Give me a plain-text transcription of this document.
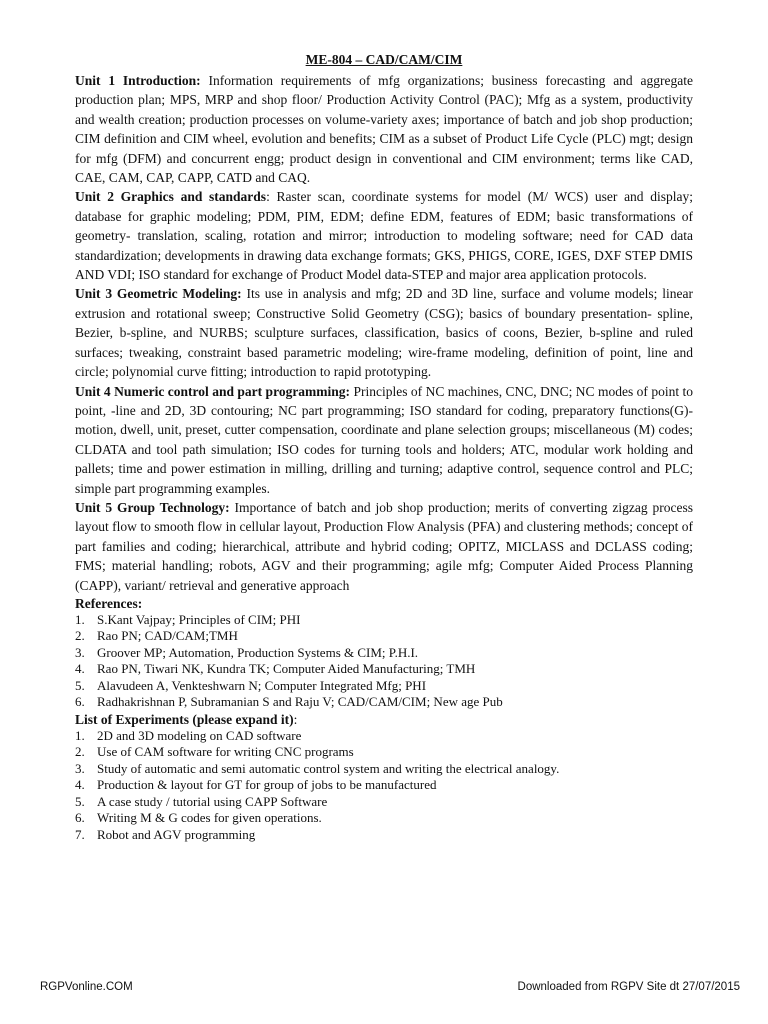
ME-804 – CAD/CAM/CIM

Unit 1 Introduction: Information requirements of mfg organizations; business forecasting and aggregate production plan; MPS, MRP and shop floor/ Production Activity Control (PAC); Mfg as a system, productivity and wealth creation; production processes on volume-variety axes; importance of batch and job shop production; CIM definition and CIM wheel, evolution and benefits; CIM as a subset of Product Life Cycle (PLC) mgt; design for mfg (DFM) and concurrent engg; product design in conventional and CIM environment; terms like CAD, CAE, CAM, CAP, CAPP, CATD and CAQ.

Unit 2 Graphics and standards: Raster scan, coordinate systems for model (M/ WCS) user and display; database for graphic modeling; PDM, PIM, EDM; define EDM, features of EDM; basic transformations of geometry- translation, scaling, rotation and mirror; introduction to modeling software; need for CAD data standardization; developments in drawing data exchange formats; GKS, PHIGS, CORE, IGES, DXF STEP DMIS AND VDI; ISO standard for exchange of Product Model data-STEP and major area application protocols.

Unit 3 Geometric Modeling: Its use in analysis and mfg; 2D and 3D line, surface and volume models; linear extrusion and rotational sweep; Constructive Solid Geometry (CSG); basics of boundary presentation- spline, Bezier, b-spline, and NURBS; sculpture surfaces, classification, basics of coons, Bezier, b-spline and ruled surfaces; tweaking, constraint based parametric modeling; wire-frame modeling, definition of point, line and circle; polynomial curve fitting; introduction to rapid prototyping.

Unit 4 Numeric control and part programming: Principles of NC machines, CNC, DNC; NC modes of point to point, -line and 2D, 3D contouring; NC part programming; ISO standard for coding, preparatory functions(G)- motion, dwell, unit, preset, cutter compensation, coordinate and plane selection groups; miscellaneous (M) codes; CLDATA and tool path simulation; ISO codes for turning tools and holders; ATC, modular work holding and pallets; time and power estimation in milling, drilling and turning; adaptive control, sequence control and PLC; simple part programming examples.

Unit 5 Group Technology: Importance of batch and job shop production; merits of converting zigzag process layout flow to smooth flow in cellular layout, Production Flow Analysis (PFA) and clustering methods; concept of part families and coding; hierarchical, attribute and hybrid coding; OPITZ, MICLASS and DCLASS coding; FMS; material handling; robots, AGV and their programming; agile mfg; Computer Aided Process Planning (CAPP), variant/ retrieval and generative approach

References:

1. S.Kant Vajpay; Principles of CIM; PHI
2. Rao PN; CAD/CAM;TMH
3. Groover MP; Automation, Production Systems & CIM; P.H.I.
4. Rao PN, Tiwari NK, Kundra TK; Computer Aided Manufacturing; TMH
5. Alavudeen A, Venkteshwarn N; Computer Integrated Mfg; PHI
6. Radhakrishnan P, Subramanian S and Raju V; CAD/CAM/CIM; New age Pub

List of Experiments (please expand it):

1. 2D and 3D modeling on CAD software
2. Use of CAM software for writing CNC programs
3. Study of automatic and semi automatic control system and writing the electrical analogy.
4. Production & layout for GT for group of jobs to be manufactured
5. A case study / tutorial using CAPP Software
6. Writing M & G codes for given operations.
7. Robot and AGV programming
RGPVonline.COM	Downloaded from RGPV Site dt 27/07/2015
